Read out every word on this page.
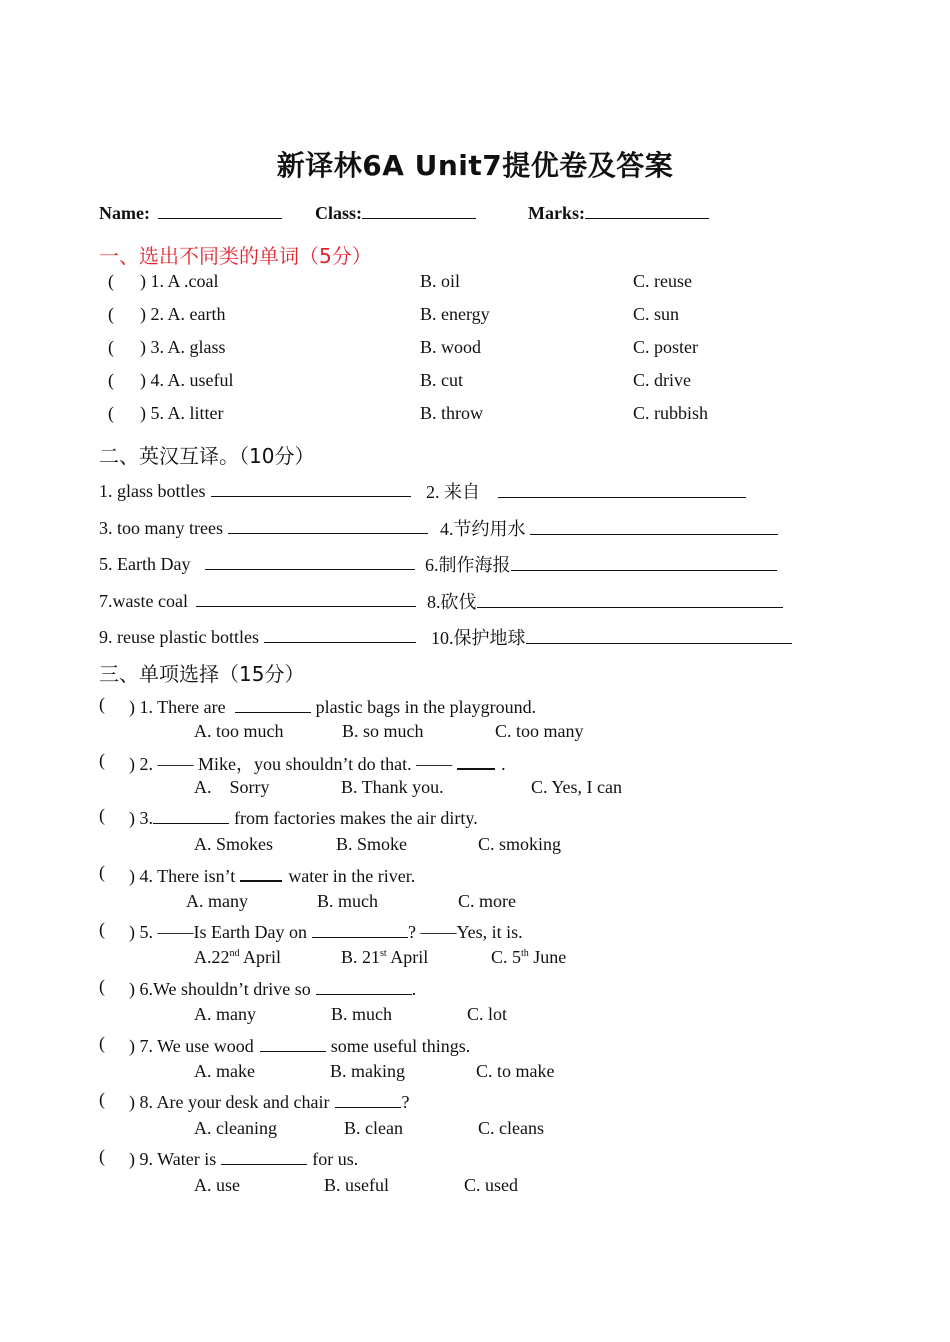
新译林6A Unit7提优卷及答案
Name:	Class:	Marks:
一、选出不同类的单词（5分）
( ) 1. A .coal	B. oil	C. reuse
( ) 2. A. earth	B. energy	C. sun
( ) 3. A. glass	B. wood	C. poster
( ) 4. A. useful	B. cut	C. drive
( ) 5. A. litter	B. throw	C. rubbish
二、英汉互译。（10分）
1. glass bottles	2. 来自
3. too many trees	4.节约用水
5. Earth Day	6.制作海报
7.waste coal	8.砍伐
9. reuse plastic bottles	10.保护地球
三、单项选择（15分）
( ) 1. There are	plastic bags in the playground.
A. too much	B. so much	C. too many
( ) 2. —— Mike，you shouldn’t do that. ——	.
A.    Sorry	B. Thank you.	C. Yes, I can
( ) 3.	from factories makes the air dirty.
A. Smokes	B. Smoke	C. smoking
( ) 4. There isn’t	water in the river.
A. many	B. much	C. more
( ) 5. ——Is Earth Day on	? ——Yes, it is.
A.22nd April	B. 21st April	C. 5th June
( ) 6.We shouldn’t drive so	.
A. many	B. much	C. lot
( ) 7. We use wood	some useful things.
A. make	B. making	C. to make
( ) 8. Are your desk and chair	?
A. cleaning	B. clean	C. cleans
( ) 9. Water is	for us.
A. use	B. useful	C. used
